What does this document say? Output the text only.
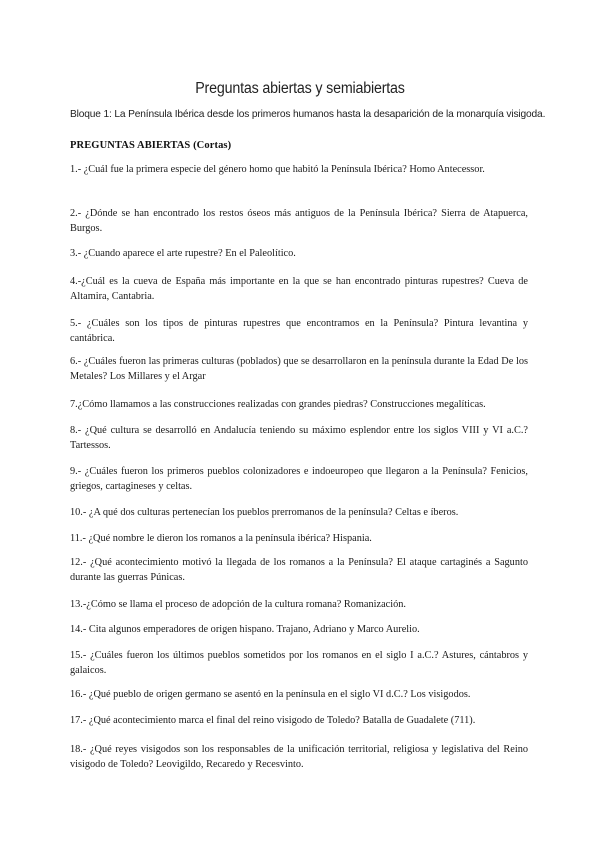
Preguntas abiertas y semiabiertas
Bloque 1: La Península Ibérica desde los primeros humanos hasta la desaparición de la monarquía visigoda.
PREGUNTAS ABIERTAS (Cortas)
1.- ¿Cuál fue la primera especie del género homo que habitó la Península Ibérica? Homo Antecessor.
2.- ¿Dónde se han encontrado los restos óseos más antiguos de la Península Ibérica? Sierra de Atapuerca, Burgos.
3.- ¿Cuando aparece el arte rupestre? En el Paleolítico.
4.-¿Cuál es la cueva de España más importante en la que se han encontrado pinturas rupestres? Cueva de Altamira, Cantabria.
5.- ¿Cuáles son los tipos de pinturas rupestres que encontramos en la Península? Pintura levantina y cantábrica.
6.- ¿Cuáles fueron las primeras culturas (poblados) que se desarrollaron en la península durante la Edad De los Metales? Los Millares y el Argar
7.¿Cómo llamamos a las construcciones realizadas con grandes piedras? Construcciones megalíticas.
8.- ¿Qué cultura se desarrolló en Andalucía teniendo su máximo esplendor entre los siglos VIII y VI a.C.? Tartessos.
9.- ¿Cuáles fueron los primeros pueblos colonizadores e indoeuropeo que llegaron a la Península? Fenicios, griegos, cartagineses y celtas.
10.- ¿A qué dos culturas pertenecían los pueblos prerromanos de la península? Celtas e íberos.
11.- ¿Qué nombre le dieron los romanos a la península ibérica? Hispania.
12.- ¿Qué acontecimiento motivó la llegada de los romanos a la Península? El ataque cartaginés a Sagunto durante las guerras Púnicas.
13.-¿Cómo se llama el proceso de adopción de la cultura romana? Romanización.
14.- Cita algunos emperadores de origen hispano. Trajano, Adriano y Marco Aurelio.
15.- ¿Cuáles fueron los últimos pueblos sometidos por los romanos en el siglo I a.C.? Astures, cántabros y galaicos.
16.- ¿Qué pueblo de origen germano se asentó en la península en el siglo VI d.C.? Los visigodos.
17.- ¿Qué acontecimiento marca el final del reino visigodo de Toledo? Batalla de Guadalete (711).
18.- ¿Qué reyes visigodos son los responsables de la unificación territorial, religiosa y legislativa del Reino visigodo de Toledo? Leovigildo, Recaredo y Recesvinto.
